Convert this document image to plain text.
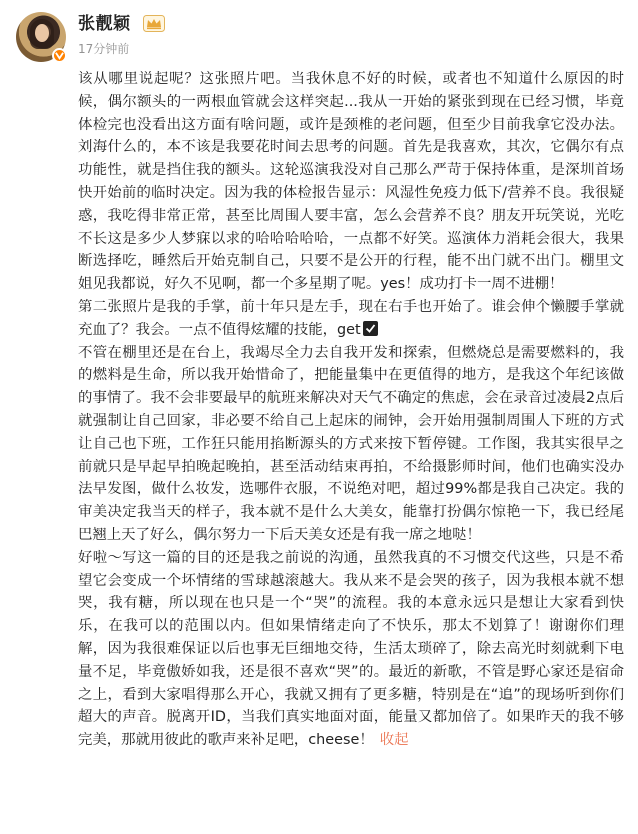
张靓颖
17分钟前

该从哪里说起呢？这张照片吧。当我休息不好的时候，或者也不知道什么原因的时候，偶尔额头的一两根血管就会这样突起...我从一开始的紧张到现在已经习惯，毕竟体检完也没看出这方面有啥问题，或许是颈椎的老问题，但至少目前我拿它没办法。刘海什么的，本不该是我要花时间去思考的问题。首先是我喜欢，其次，它偶尔有点功能性，就是挡住我的额头。这轮巡演我没对自己那么严苛于保持体重，是深圳首场快开始前的临时决定。因为我的体检报告显示：风湿性免疫力低下/营养不良。我很疑惑，我吃得非常正常，甚至比周围人要丰富，怎么会营养不良？朋友开玩笑说，光吃不长这是多少人梦寐以求的哈哈哈哈哈，一点都不好笑。巡演体力消耗会很大，我果断选择吃，睡然后开始克制自己，只要不是公开的行程，能不出门就不出门。棚里文姐见我都说，好久不见啊，都一个多星期了呢。yes！成功打卡一周不进棚！

第二张照片是我的手掌，前十年只是左手，现在右手也开始了。谁会伸个懒腰手掌就充血了？我会。一点不值得炫耀的技能，get

不管在棚里还是在台上，我竭尽全力去自我开发和探索，但燃烧总是需要燃料的，我的燃料是生命，所以我开始惜命了，把能量集中在更值得的地方，是我这个年纪该做的事情了。我不会非要最早的航班来解决对天气不确定的焦虑，会在录音过凌晨2点后就强制让自己回家，非必要不给自己上起床的闹钟，会开始用强制周围人下班的方式让自己也下班，工作狂只能用掐断源头的方式来按下暂停键。工作图，我其实很早之前就只是早起早拍晚起晚拍，甚至活动结束再拍，不给摄影师时间，他们也确实没办法早发图，做什么妆发，选哪件衣服，不说绝对吧，超过99%都是我自己决定。我的审美决定我当天的样子，我本就不是什么大美女，能靠打扮偶尔惊艳一下，我已经尾巴翘上天了好么，偶尔努力一下后天美女还是有我一席之地哒！

好啦～写这一篇的目的还是我之前说的沟通，虽然我真的不习惯交代这些，只是不希望它会变成一个坏情绪的雪球越滚越大。我从来不是会哭的孩子，因为我根本就不想哭，我有糖，所以现在也只是一个“哭”的流程。我的本意永远只是想让大家看到快乐，在我可以的范围以内。但如果情绪走向了不快乐，那太不划算了！谢谢你们理解，因为我很难保证以后也事无巨细地交待，生活太琐碎了，除去高光时刻就剩下电量不足，毕竟傲娇如我，还是很不喜欢“哭”的。最近的新歌，不管是野心家还是宿命之上，看到大家唱得那么开心，我就又拥有了更多糖，特别是在“追”的现场听到你们超大的声音。脱离开ID，当我们真实地面对面，能量又都加倍了。如果昨天的我不够完美，那就用彼此的歌声来补足吧，cheese！ 收起
